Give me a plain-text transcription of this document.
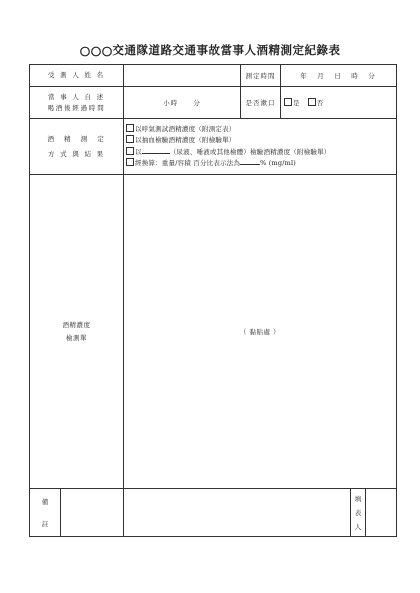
交通隊道路交通事故當事人酒精測定紀錄表
受 測 人 姓 名		測定時間	年　月　日　時　分	
當 事 人 自 述
喝酒後經過時間	小時　　分	是否漱口	是 否	
酒　精　測　定
方 式 與 結 果	以呼氣測試酒精濃度（附測定表）
以抽血檢驗酒精濃度（附檢驗單）
以 （尿液、唾液或其他檢體）檢驗酒精濃度（附檢驗單）
經換算：重量/容積 百分比表示法為 % (mg/ml)			

酒精濃度
檢測單	（ 黏貼處 ）			

備
註				填
表
人
